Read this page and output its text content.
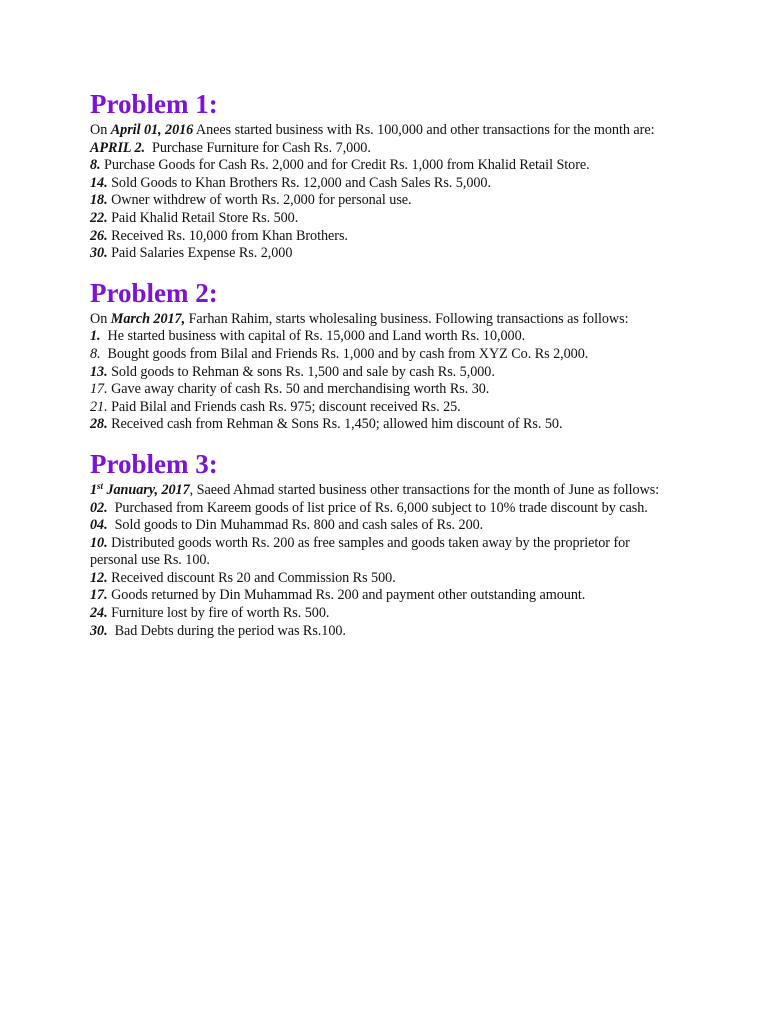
Problem 1:

On April 01, 2016 Anees started business with Rs. 100,000 and other transactions for the month are:

APRIL 2. Purchase Furniture for Cash Rs. 7,000.

8. Purchase Goods for Cash Rs. 2,000 and for Credit Rs. 1,000 from Khalid Retail Store.

14. Sold Goods to Khan Brothers Rs. 12,000 and Cash Sales Rs. 5,000.

18. Owner withdrew of worth Rs. 2,000 for personal use.

22. Paid Khalid Retail Store Rs. 500.

26. Received Rs. 10,000 from Khan Brothers.

30. Paid Salaries Expense Rs. 2,000

Problem 2:

On March 2017, Farhan Rahim, starts wholesaling business. Following transactions as follows:

1. He started business with capital of Rs. 15,000 and Land worth Rs. 10,000.

8. Bought goods from Bilal and Friends Rs. 1,000 and by cash from XYZ Co. Rs 2,000.

13. Sold goods to Rehman & sons Rs. 1,500 and sale by cash Rs. 5,000.

17. Gave away charity of cash Rs. 50 and merchandising worth Rs. 30.

21. Paid Bilal and Friends cash Rs. 975; discount received Rs. 25.

28. Received cash from Rehman & Sons Rs. 1,450; allowed him discount of Rs. 50.

Problem 3:

1st January, 2017, Saeed Ahmad started business other transactions for the month of June as follows:

02. Purchased from Kareem goods of list price of Rs. 6,000 subject to 10% trade discount by cash.

04. Sold goods to Din Muhammad Rs. 800 and cash sales of Rs. 200.

10. Distributed goods worth Rs. 200 as free samples and goods taken away by the proprietor for personal use Rs. 100.

12. Received discount Rs 20 and Commission Rs 500.

17. Goods returned by Din Muhammad Rs. 200 and payment other outstanding amount.

24. Furniture lost by fire of worth Rs. 500.

30. Bad Debts during the period was Rs.100.
